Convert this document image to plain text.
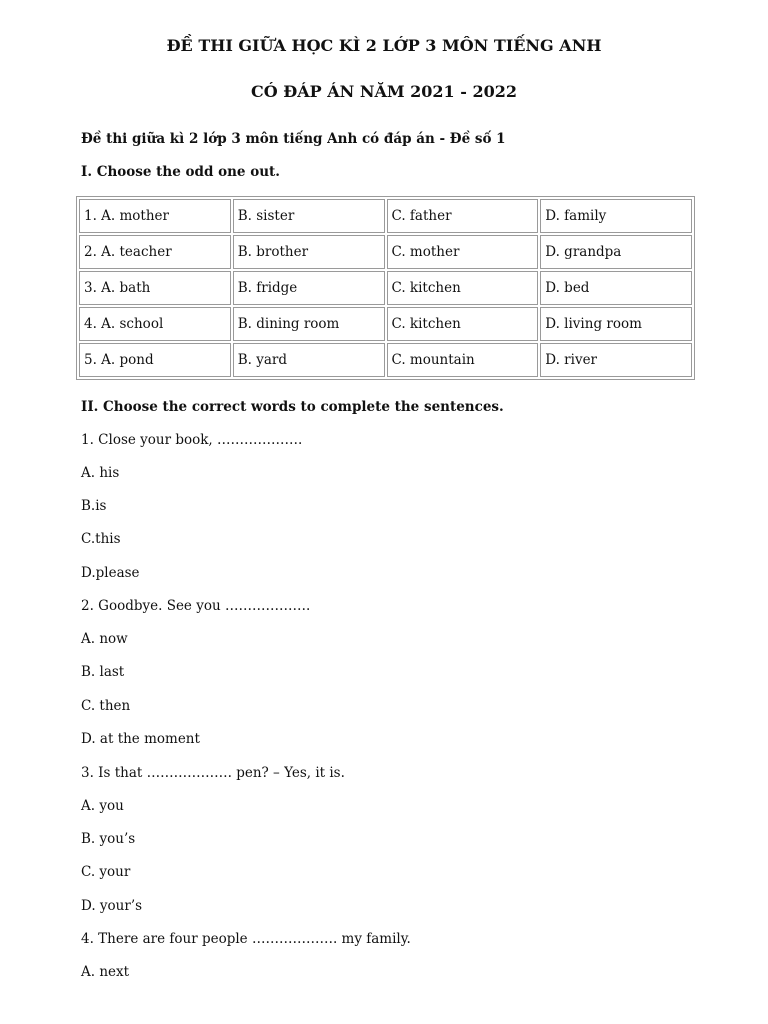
ĐỀ THI GIỮA HỌC KÌ 2 LỚP 3 MÔN TIẾNG ANH
CÓ ĐÁP ÁN NĂM 2021 - 2022

Đề thi giữa kì 2 lớp 3 môn tiếng Anh có đáp án - Đề số 1

I. Choose the odd one out.

1. A. mother	B. sister	C. father	D. family
2. A. teacher	B. brother	C. mother	D. grandpa
3. A. bath	B. fridge	C. kitchen	D. bed
4. A. school	B. dining room	C. kitchen	D. living room
5. A. pond	B. yard	C. mountain	D. river

II. Choose the correct words to complete the sentences.

1. Close your book, ……………….

A. his

B.is

C.this

D.please

2. Goodbye. See you ……………….

A. now

B. last

C. then

D. at the moment

3. Is that ………………. pen? – Yes, it is.

A. you

B. you’s

C. your

D. your’s

4. There are four people ………………. my family.

A. next
